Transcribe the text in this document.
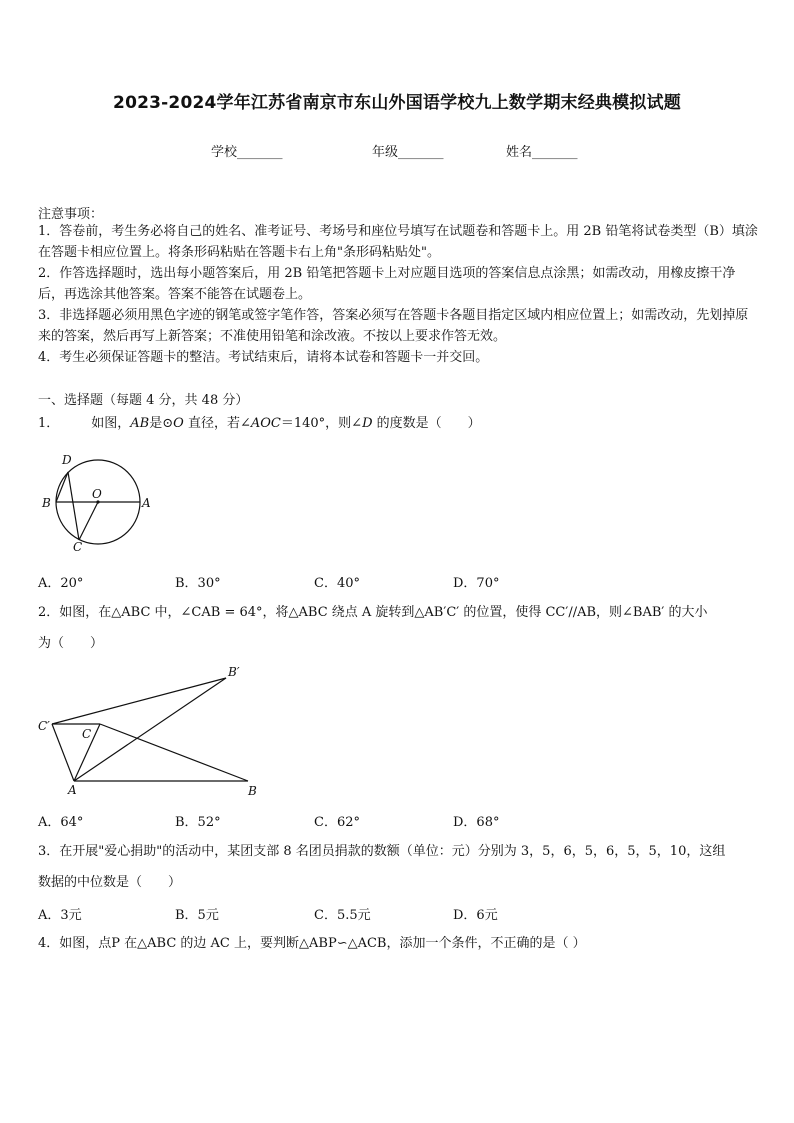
2023-2024学年江苏省南京市东山外国语学校九上数学期末经典模拟试题
学校_______	年级_______	姓名_______
注意事项：
1．答卷前，考生务必将自己的姓名、准考证号、考场号和座位号填写在试题卷和答题卡上。用 2B 铅笔将试卷类型（B）填涂在答题卡相应位置上。将条形码粘贴在答题卡右上角"条形码粘贴处"。
2．作答选择题时，选出每小题答案后，用 2B 铅笔把答题卡上对应题目选项的答案信息点涂黑；如需改动，用橡皮擦干净后，再选涂其他答案。答案不能答在试题卷上。
3．非选择题必须用黑色字迹的钢笔或签字笔作答，答案必须写在答题卡各题目指定区域内相应位置上；如需改动，先划掉原来的答案，然后再写上新答案；不准使用铅笔和涂改液。不按以上要求作答无效。
4．考生必须保证答题卡的整洁。考试结束后，请将本试卷和答题卡一并交回。
一、选择题（每题 4 分，共 48 分）
1． 如图，AB是⊙O 直径，若∠AOC＝140°，则∠D 的度数是（　　）
D
B
O
A
C
A．20°	B．30°	C．40°	D．70°
2．如图，在△ABC 中，∠CAB = 64°，将△ABC 绕点 A 旋转到△AB′C′ 的位置，使得 CC′//AB，则∠BAB′ 的大小
为（　　）
B′
C′
C
A	B
A．64°	B．52°	C．62°	D．68°
3．在开展"爱心捐助"的活动中，某团支部 8 名团员捐款的数额（单位：元）分别为 3，5，6，5，6，5，5，10，这组
数据的中位数是（　　）
A．3元	B．5元	C．5.5元	D．6元
4．如图，点P 在△ABC 的边 AC 上，要判断△ABP∽△ACB，添加一个条件，不正确的是（ ）
